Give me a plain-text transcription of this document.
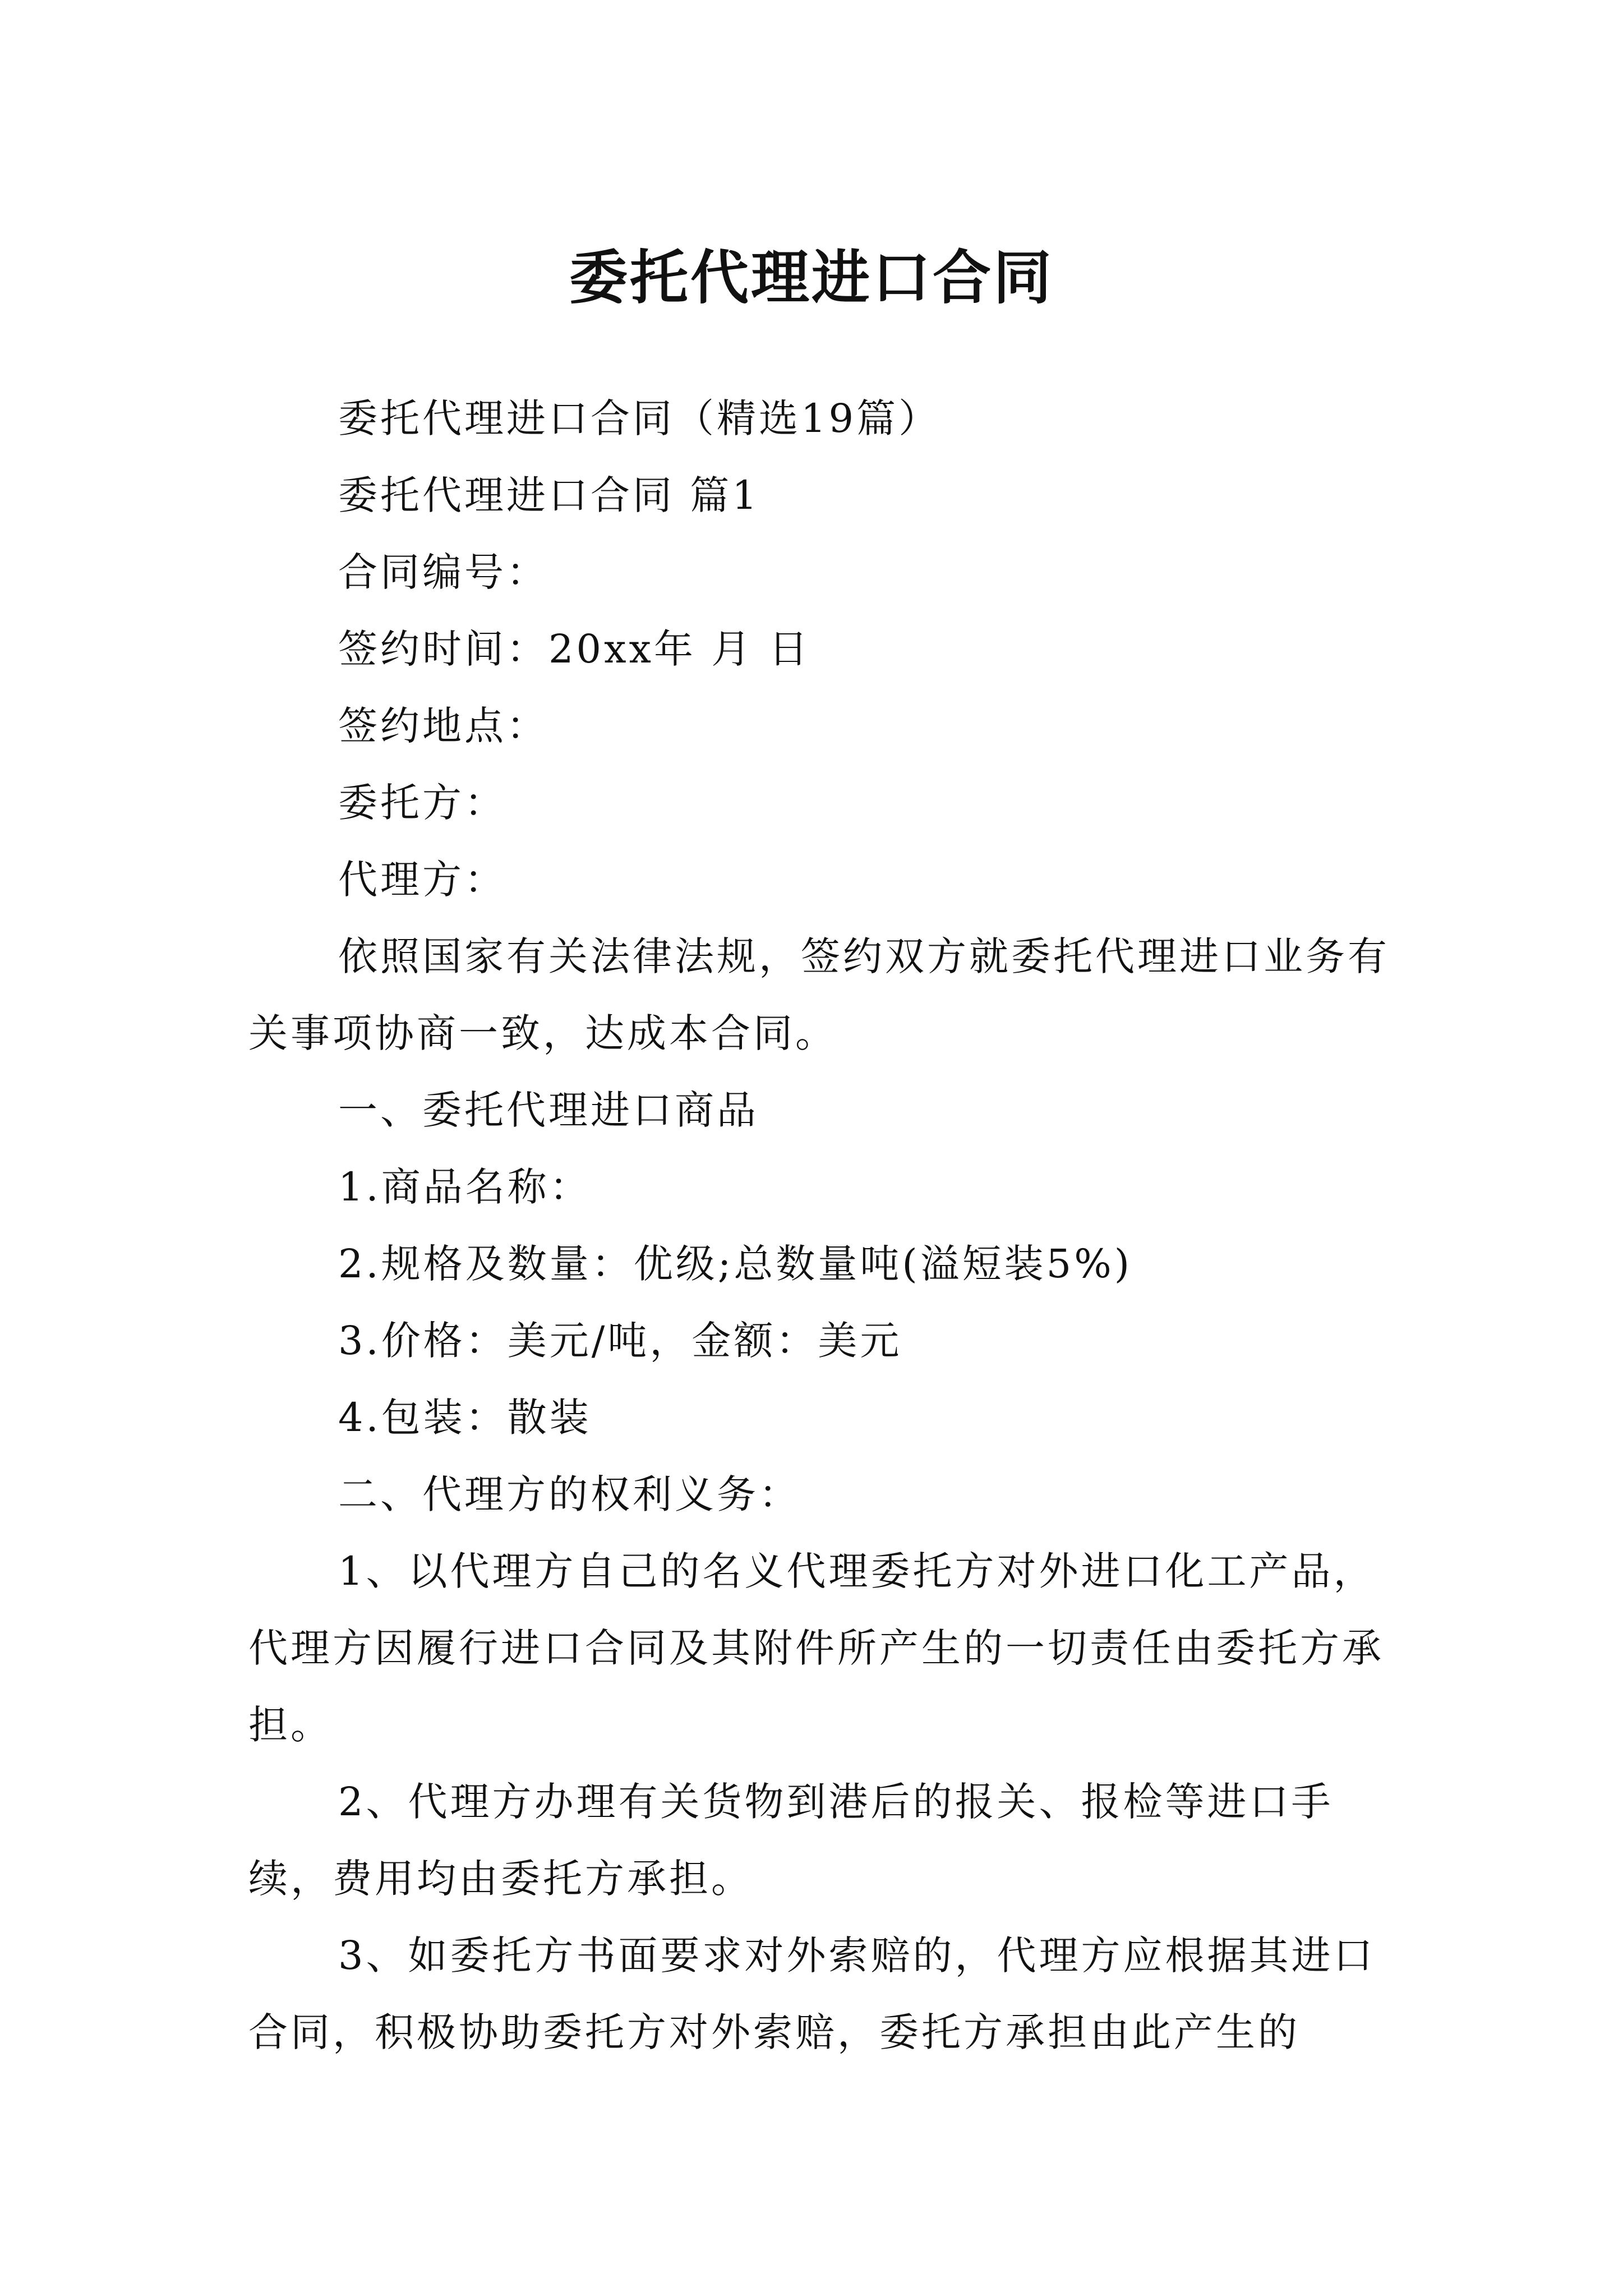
委托代理进口合同

委托代理进口合同（精选19篇）

委托代理进口合同 篇1

合同编号：

签约时间：20xx年 月 日

签约地点：

委托方：

代理方：

依照国家有关法律法规，签约双方就委托代理进口业务有关事项协商一致，达成本合同。

一、委托代理进口商品

1.商品名称：

2.规格及数量：优级;总数量吨(溢短装5%)

3.价格：美元/吨，金额：美元

4.包装：散装

二、代理方的权利义务：

1、以代理方自己的名义代理委托方对外进口化工产品，代理方因履行进口合同及其附件所产生的一切责任由委托方承担。

2、代理方办理有关货物到港后的报关、报检等进口手续，费用均由委托方承担。

3、如委托方书面要求对外索赔的，代理方应根据其进口合同，积极协助委托方对外索赔，委托方承担由此产生的
